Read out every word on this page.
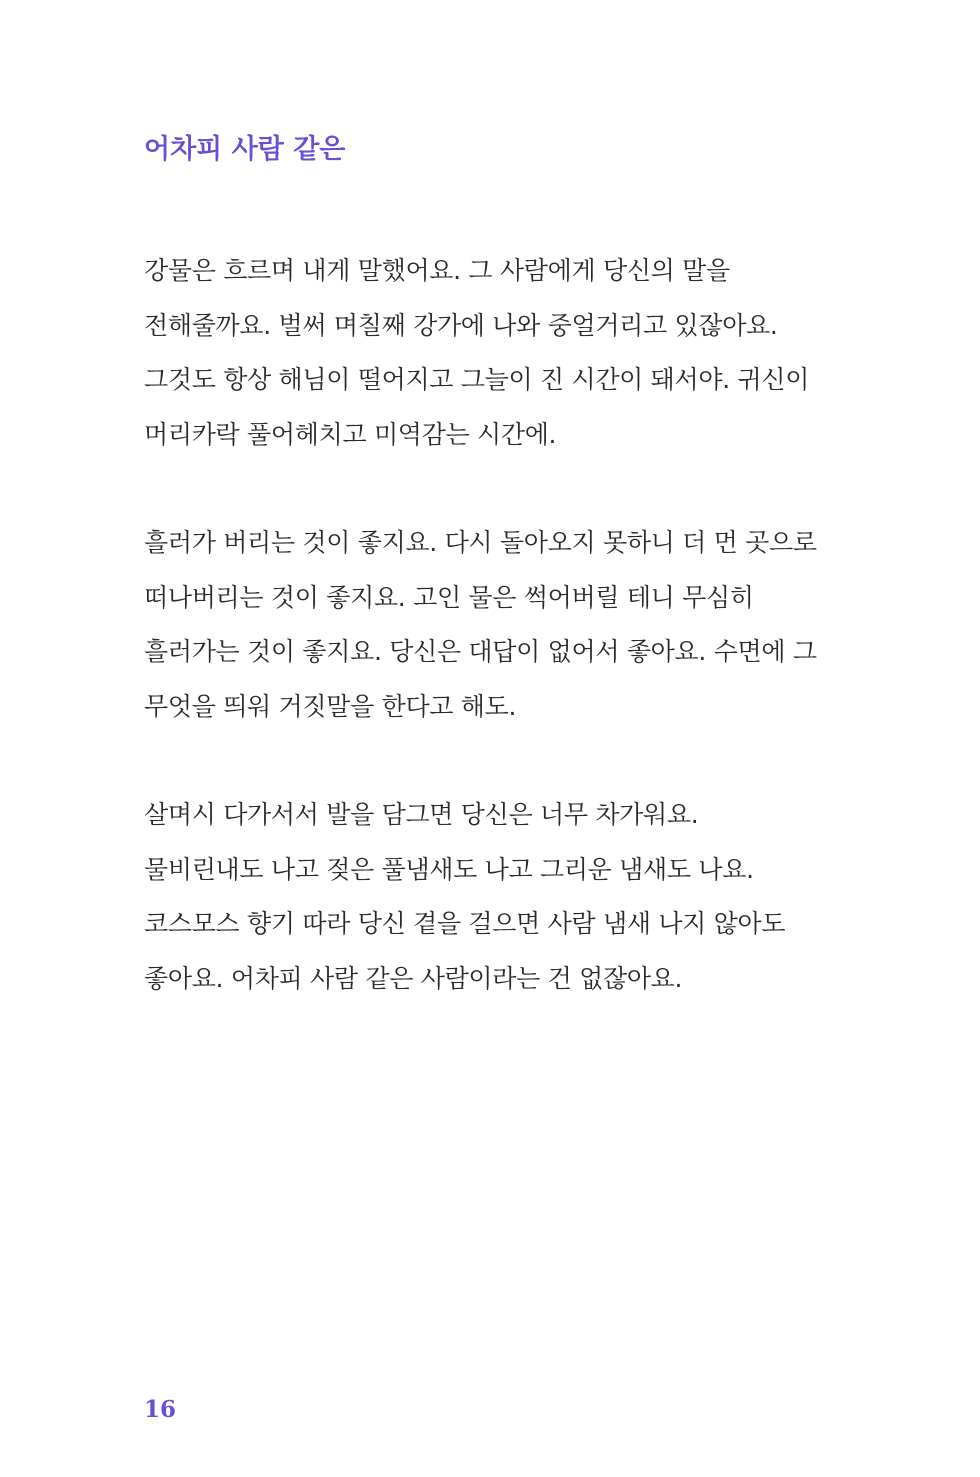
어차피 사람 같은
강물은 흐르며 내게 말했어요. 그 사람에게 당신의 말을
전해줄까요. 벌써 며칠째 강가에 나와 중얼거리고 있잖아요.
그것도 항상 해님이 떨어지고 그늘이 진 시간이 돼서야. 귀신이
머리카락 풀어헤치고 미역감는 시간에.
흘러가 버리는 것이 좋지요. 다시 돌아오지 못하니 더 먼 곳으로
떠나버리는 것이 좋지요. 고인 물은 썩어버릴 테니 무심히
흘러가는 것이 좋지요. 당신은 대답이 없어서 좋아요. 수면에 그
무엇을 띄워 거짓말을 한다고 해도.
살며시 다가서서 발을 담그면 당신은 너무 차가워요.
물비린내도 나고 젖은 풀냄새도 나고 그리운 냄새도 나요.
코스모스 향기 따라 당신 곁을 걸으면 사람 냄새 나지 않아도
좋아요. 어차피 사람 같은 사람이라는 건 없잖아요.
16
